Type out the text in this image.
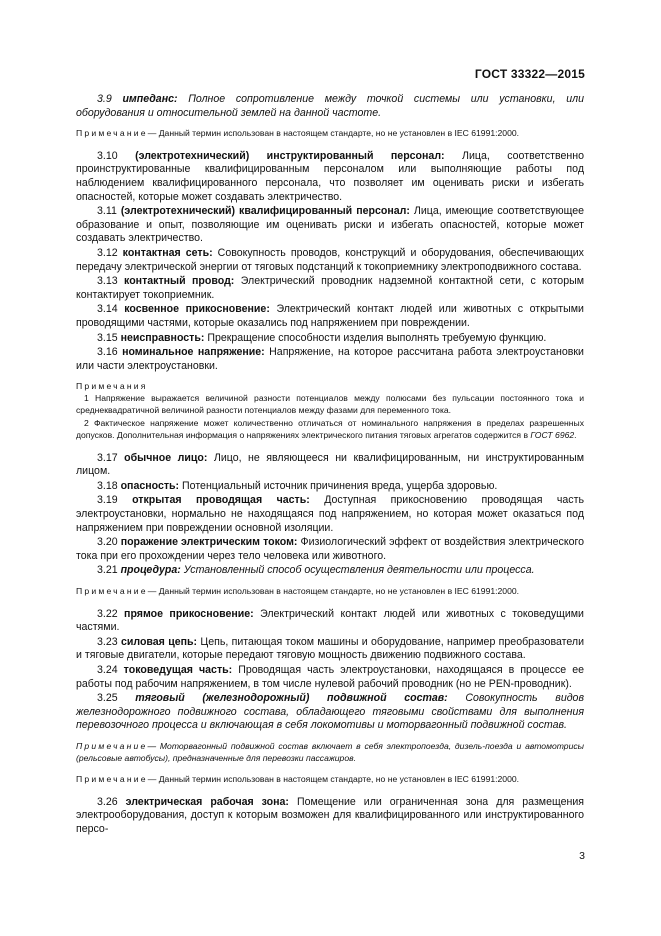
ГОСТ 33322—2015

3.9 импеданс: Полное сопротивление между точкой системы или установки, или оборудования и относительной землей на данной частоте.

Примечание— Данный термин использован в настоящем стандарте, но не установлен в IEC 61991:2000.

3.10 (электротехнический) инструктированный персонал: Лица, соответственно проинструктированные квалифицированным персоналом или выполняющие работы под наблюдением квалифицированного персонала, что позволяет им оценивать риски и избегать опасностей, которые может создавать электричество.

3.11 (электротехнический) квалифицированный персонал: Лица, имеющие соответствующее образование и опыт, позволяющие им оценивать риски и избегать опасностей, которые может создавать электричество.

3.12 контактная сеть: Совокупность проводов, конструкций и оборудования, обеспечивающих передачу электрической энергии от тяговых подстанций к токоприемнику электроподвижного состава.

3.13 контактный провод: Электрический проводник надземной контактной сети, с которым контактирует токоприемник.

3.14 косвенное прикосновение: Электрический контакт людей или животных с открытыми проводящими частями, которые оказались под напряжением при повреждении.

3.15 неисправность: Прекращение способности изделия выполнять требуемую функцию.

3.16 номинальное напряжение: Напряжение, на которое рассчитана работа электроустановки или части электроустановки.

Примечания

1 Напряжение выражается величиной разности потенциалов между полюсами без пульсации постоянного тока и среднеквадратичной величиной разности потенциалов между фазами для переменного тока.

2 Фактическое напряжение может количественно отличаться от номинального напряжения в пределах разрешенных допусков. Дополнительная информация о напряжениях электрического питания тяговых агрегатов содержится в ГОСТ 6962.

3.17 обычное лицо: Лицо, не являющееся ни квалифицированным, ни инструктированным лицом.

3.18 опасность: Потенциальный источник причинения вреда, ущерба здоровью.

3.19 открытая проводящая часть: Доступная прикосновению проводящая часть электроустановки, нормально не находящаяся под напряжением, но которая может оказаться под напряжением при повреждении основной изоляции.

3.20 поражение электрическим током: Физиологический эффект от воздействия электрического тока при его прохождении через тело человека или животного.

3.21 процедура: Установленный способ осуществления деятельности или процесса.

Примечание— Данный термин использован в настоящем стандарте, но не установлен в IEC 61991:2000.

3.22 прямое прикосновение: Электрический контакт людей или животных с токоведущими частями.

3.23 силовая цепь: Цепь, питающая током машины и оборудование, например преобразователи и тяговые двигатели, которые передают тяговую мощность движению подвижного состава.

3.24 токоведущая часть: Проводящая часть электроустановки, находящаяся в процессе ее работы под рабочим напряжением, в том числе нулевой рабочий проводник (но не PEN-проводник).

3.25 тяговый (железнодорожный) подвижной состав: Совокупность видов железнодорожного подвижного состава, обладающего тяговыми свойствами для выполнения перевозочного процесса и включающая в себя локомотивы и моторвагонный подвижной состав.

Примечание— Моторвагонный подвижной состав включает в себя электропоезда, дизель-поезда и автомотрисы (рельсовые автобусы), предназначенные для перевозки пассажиров.

Примечание— Данный термин использован в настоящем стандарте, но не установлен в IEC 61991:2000.

3.26 электрическая рабочая зона: Помещение или ограниченная зона для размещения электрооборудования, доступ к которым возможен для квалифицированного или инструктированного персо-

3
